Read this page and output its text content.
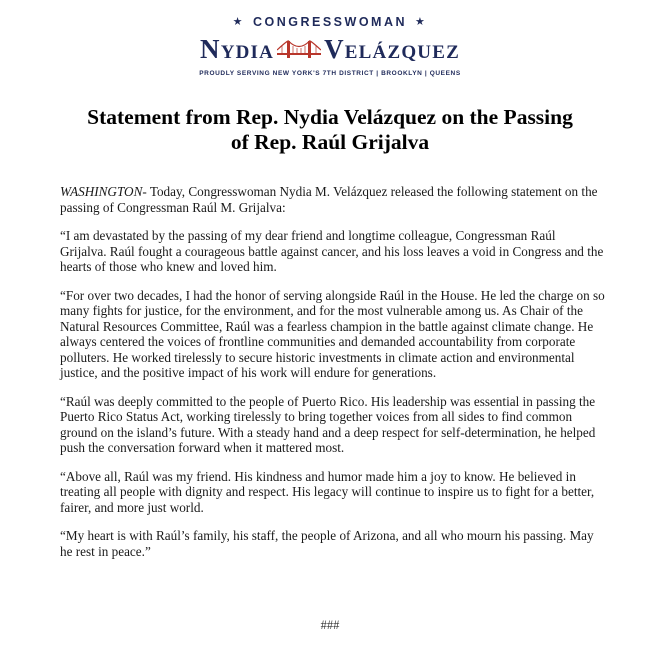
★ CONGRESSWOMAN ★
Nydia Velázquez
PROUDLY SERVING NEW YORK'S 7TH DISTRICT | BROOKLYN | QUEENS
Statement from Rep. Nydia Velázquez on the Passing
of Rep. Raúl Grijalva

WASHINGTON- Today, Congresswoman Nydia M. Velázquez released the following statement on the passing of Congressman Raúl M. Grijalva:

“I am devastated by the passing of my dear friend and longtime colleague, Congressman Raúl Grijalva. Raúl fought a courageous battle against cancer, and his loss leaves a void in Congress and the hearts of those who knew and loved him.

“For over two decades, I had the honor of serving alongside Raúl in the House. He led the charge on so many fights for justice, for the environment, and for the most vulnerable among us. As Chair of the Natural Resources Committee, Raúl was a fearless champion in the battle against climate change. He always centered the voices of frontline communities and demanded accountability from corporate polluters. He worked tirelessly to secure historic investments in climate action and environmental justice, and the positive impact of his work will endure for generations.

“Raúl was deeply committed to the people of Puerto Rico. His leadership was essential in passing the Puerto Rico Status Act, working tirelessly to bring together voices from all sides to find common ground on the island’s future. With a steady hand and a deep respect for self-determination, he helped push the conversation forward when it mattered most.

“Above all, Raúl was my friend. His kindness and humor made him a joy to know. He believed in treating all people with dignity and respect. His legacy will continue to inspire us to fight for a better, fairer, and more just world.

“My heart is with Raúl’s family, his staff, the people of Arizona, and all who mourn his passing. May he rest in peace.”

###
